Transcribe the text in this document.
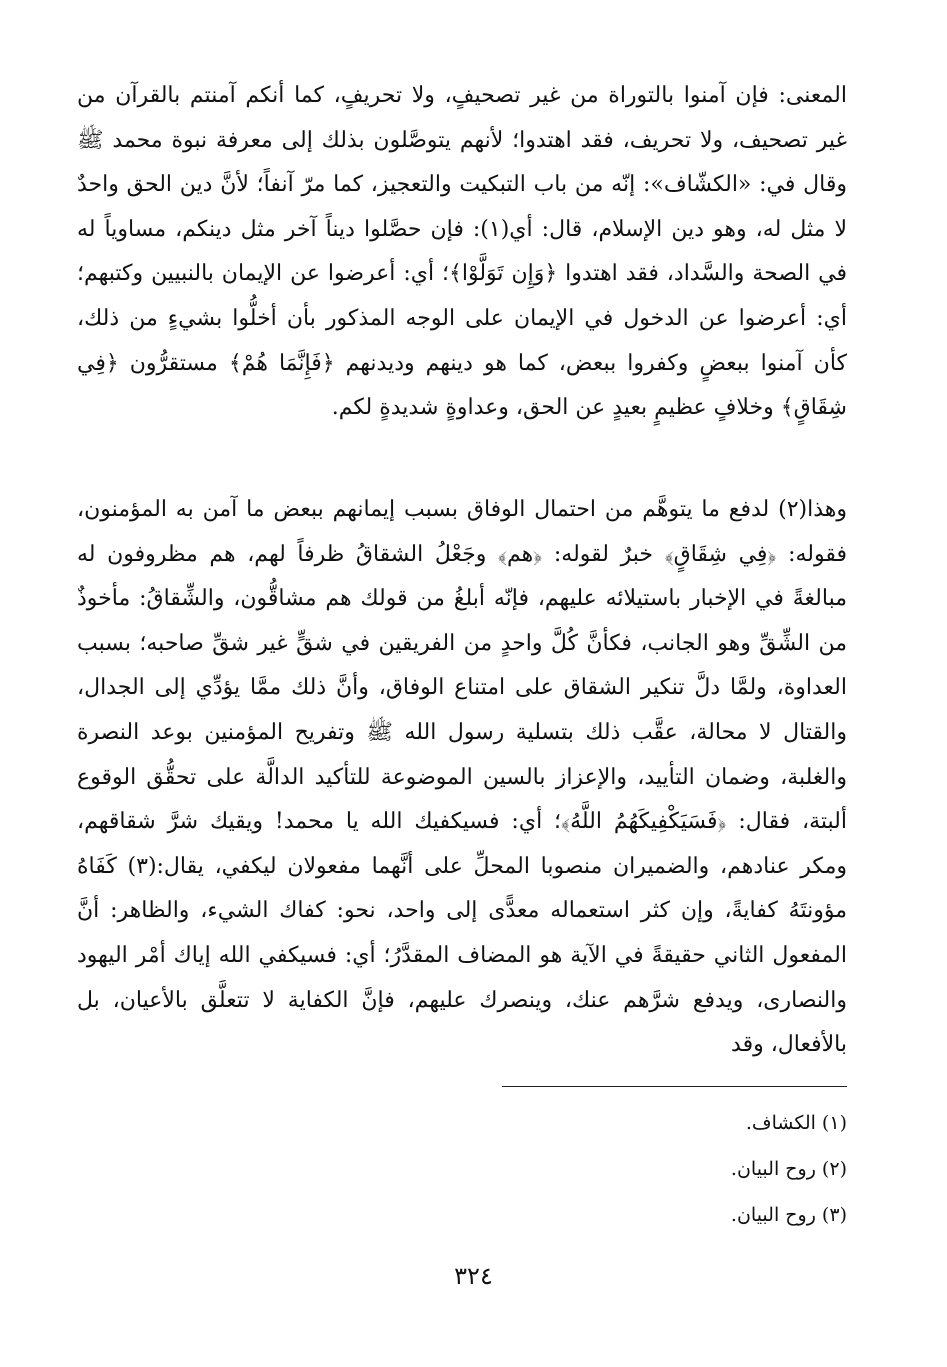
المعنى: فإن آمنوا بالتوراة من غير تصحيفٍ، ولا تحريفٍ، كما أنكم آمنتم بالقرآن من غير تصحيف، ولا تحريف، فقد اهتدوا؛ لأنهم يتوصَّلون بذلك إلى معرفة نبوة محمد ﷺ وقال في: «الكشّاف»: إنّه من باب التبكيت والتعجيز، كما مرّ آنفاً؛ لأنَّ دين الحق واحدٌ لا مثل له، وهو دين الإسلام، قال: أي(١): فإن حصَّلوا ديناً آخر مثل دينكم، مساوياً له في الصحة والسَّداد، فقد اهتدوا ﴿وَإِن تَوَلَّوْا﴾؛ أي: أعرضوا عن الإيمان بالنبيين وكتبهم؛ أي: أعرضوا عن الدخول في الإيمان على الوجه المذكور بأن أخلُّوا بشيءٍ من ذلك، كأن آمنوا ببعضٍ وكفروا ببعض، كما هو دينهم وديدنهم ﴿فَإِنَّمَا هُمْ﴾ مستقرُّون ﴿فِي شِقَاقٍ﴾ وخلافٍ عظيمٍ بعيدٍ عن الحق، وعداوةٍ شديدةٍ لكم.

وهذا(٢) لدفع ما يتوهَّم من احتمال الوفاق بسبب إيمانهم ببعض ما آمن به المؤمنون، فقوله: ﴿فِي شِقَاقٍ﴾ خبرٌ لقوله: ﴿هم﴾ وجَعْلُ الشقاقُ ظرفاً لهم، هم مظروفون له مبالغةً في الإخبار باستيلائه عليهم، فإنّه أبلغُ من قولك هم مشاقُّون، والشِّقاقُ: مأخوذٌ من الشِّقِّ وهو الجانب، فكأنَّ كُلَّ واحدٍ من الفريقين في شقٍّ غير شقِّ صاحبه؛ بسبب العداوة، ولمَّا دلَّ تنكير الشقاق على امتناع الوفاق، وأنَّ ذلك ممَّا يؤدِّي إلى الجدال، والقتال لا محالة، عقَّب ذلك بتسلية رسول الله ﷺ وتفريح المؤمنين بوعد النصرة والغلبة، وضمان التأييد، والإعزاز بالسين الموضوعة للتأكيد الدالَّة على تحقُّق الوقوع ألبتة، فقال: ﴿فَسَيَكْفِيكَهُمُ اللَّهُ﴾؛ أي: فسيكفيك الله يا محمد! ويقيك شرَّ شقاقهم، ومكر عنادهم، والضميران منصوبا المحلِّ على أنَّهما مفعولان ليكفي، يقال:(٣) كَفَاهُ مؤونتَهُ كفايةً، وإن كثر استعماله معدًّى إلى واحد، نحو: كفاك الشيء، والظاهر: أنَّ المفعول الثاني حقيقةً في الآية هو المضاف المقدَّرُ؛ أي: فسيكفي الله إياك أمْر اليهود والنصارى، ويدفع شرَّهم عنك، وينصرك عليهم، فإنَّ الكفاية لا تتعلَّق بالأعيان، بل بالأفعال، وقد

(١) الكشاف.

(٢) روح البيان.

(٣) روح البيان.

٣٢٤
